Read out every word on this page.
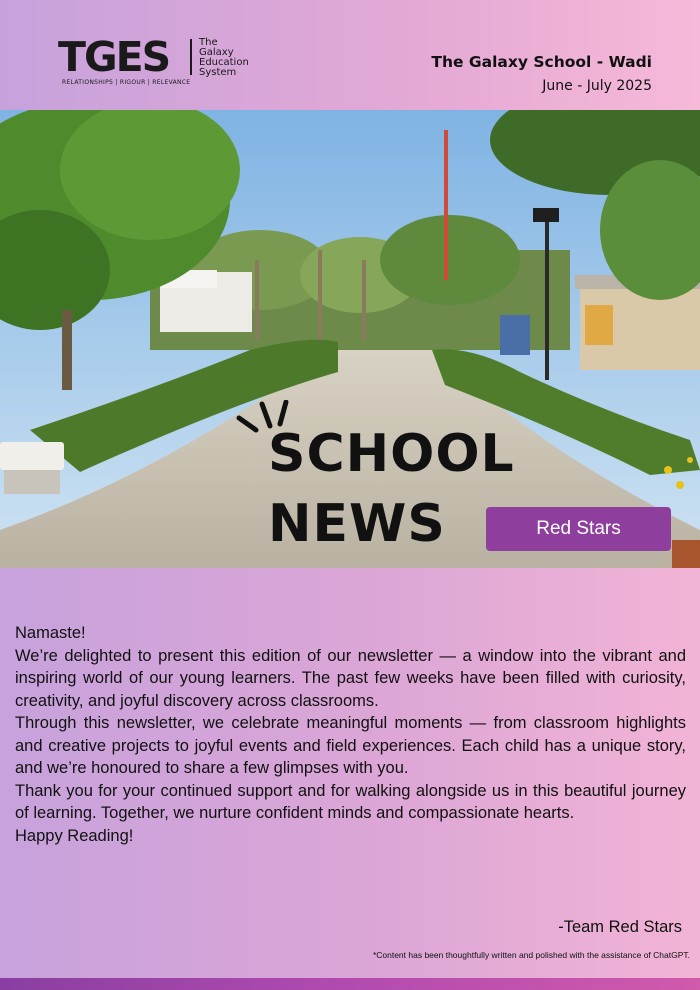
TGES	The
Galaxy
Education
System
RELATIONSHIPS | RIGOUR | RELEVANCE
The Galaxy School - Wadi
June - July 2025
SCHOOL
NEWS	Red Stars

Namaste!

We’re delighted to present this edition of our newsletter — a window into the vibrant and inspiring world of our young learners. The past few weeks have been filled with curiosity, creativity, and joyful discovery across classrooms.

Through this newsletter, we celebrate meaningful moments — from classroom highlights and creative projects to joyful events and field experiences. Each child has a unique story, and we’re honoured to share a few glimpses with you.

Thank you for your continued support and for walking alongside us in this beautiful journey of learning. Together, we nurture confident minds and compassionate hearts.

Happy Reading!

-Team Red Stars
*Content has been thoughtfully written and polished with the assistance of ChatGPT.
